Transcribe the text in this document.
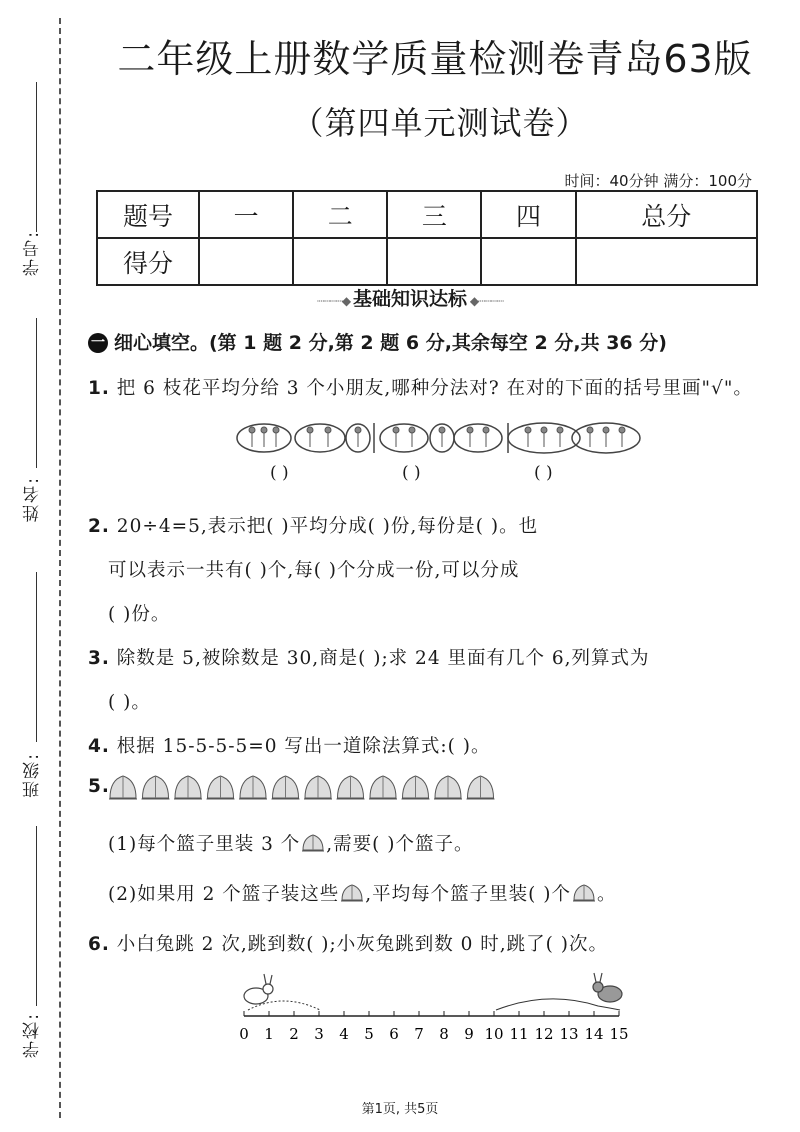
学号:
姓名:
班级:
学校:
二年级上册数学质量检测卷青岛63版
（第四单元测试卷）
时间：40分钟 满分：100分
题号	一	二	三	四	总分
得分					
┈┈┈┈◆ 基础知识达标 ◆┈┈┈┈
一 细心填空。(第 1 题 2 分,第 2 题 6 分,其余每空 2 分,共 36 分)
1. 把 6 枝花平均分给 3 个小朋友,哪种分法对? 在对的下面的括号里画"√"。
( )	( )	( )
2. 20÷4=5,表示把( )平均分成( )份,每份是( )。也
可以表示一共有( )个,每( )个分成一份,可以分成
( )份。
3. 除数是 5,被除数是 30,商是( );求 24 里面有几个 6,列算式为
( )。
4. 根据 15-5-5-5=0 写出一道除法算式:( )。
5.
(1)每个篮子里装 3 个 ,需要( )个篮子。
(2)如果用 2 个篮子装这些 ,平均每个篮子里装( )个 。
6. 小白兔跳 2 次,跳到数( );小灰兔跳到数 0 时,跳了( )次。
0 1 2 3 4 5 6 7 8 9 10 11 12 13 14 15
第1页, 共5页
